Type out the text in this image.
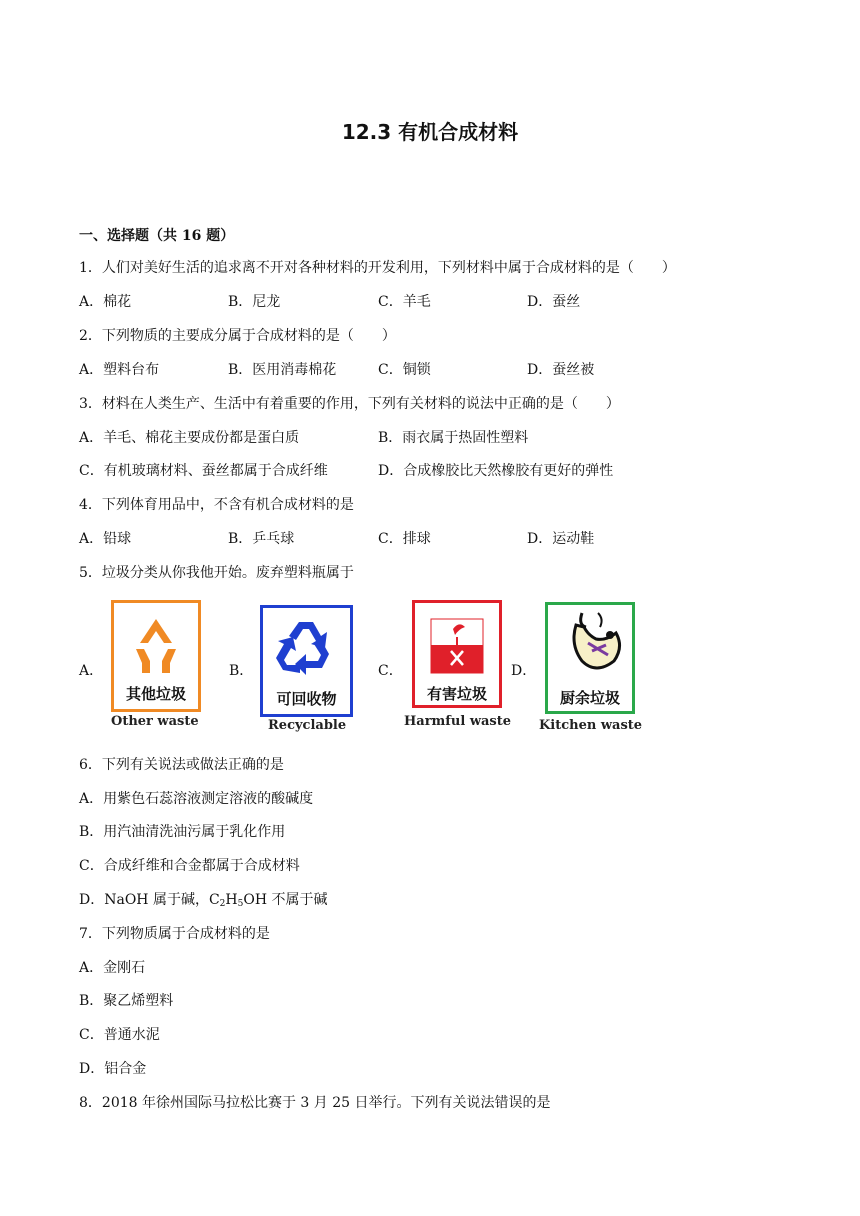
12.3 有机合成材料
一、选择题（共 16 题）
1．人们对美好生活的追求离不开对各种材料的开发利用，下列材料中属于合成材料的是（　　）
A．棉花	B．尼龙	C．羊毛	D．蚕丝
2．下列物质的主要成分属于合成材料的是（　　）
A．塑料台布	B．医用消毒棉花	C．铜锁	D．蚕丝被
3．材料在人类生产、生活中有着重要的作用，下列有关材料的说法中正确的是（　　）
A．羊毛、棉花主要成份都是蛋白质	B．雨衣属于热固性塑料
C．有机玻璃材料、蚕丝都属于合成纤维	D．合成橡胶比天然橡胶有更好的弹性
4．下列体育用品中，不含有机合成材料的是
A．铅球	B．乒乓球	C．排球	D．运动鞋
5．垃圾分类从你我他开始。废弃塑料瓶属于
A．
其他垃圾
Other waste
B．
可回收物
Recyclable
C．
有害垃圾
Harmful waste
D．
厨余垃圾
Kitchen waste
6．下列有关说法或做法正确的是
A．用紫色石蕊溶液测定溶液的酸碱度
B．用汽油清洗油污属于乳化作用
C．合成纤维和合金都属于合成材料
D．NaOH 属于碱，$C_2H_5OH$ 不属于碱
7．下列物质属于合成材料的是
A．金刚石
B．聚乙烯塑料
C．普通水泥
D．铝合金
8．2018 年徐州国际马拉松比赛于 3 月 25 日举行。下列有关说法错误的是
